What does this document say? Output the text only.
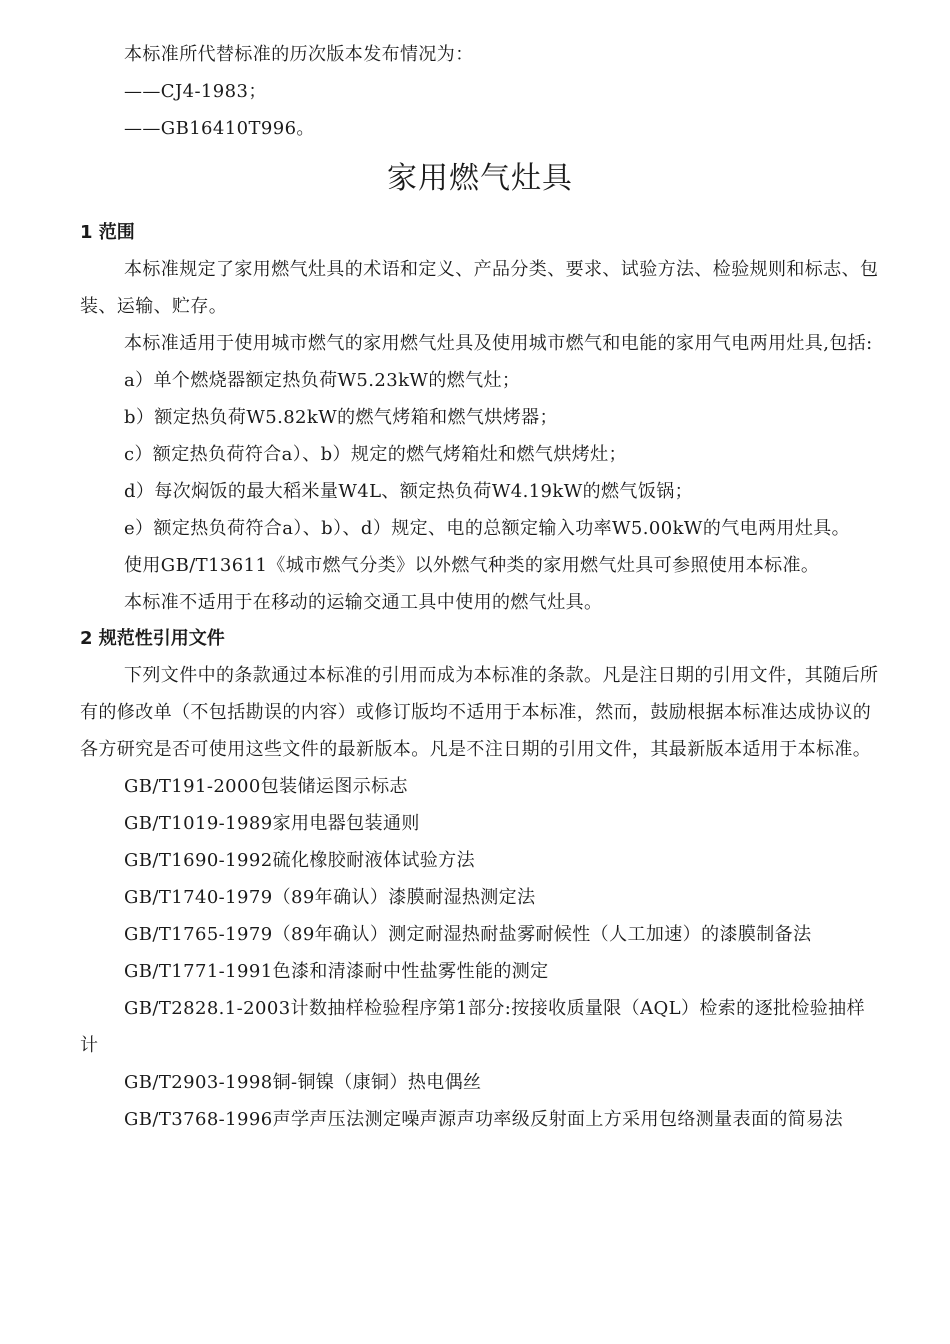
本标准所代替标准的历次版本发布情况为：

——CJ4-1983；

——GB16410T996。

家用燃气灶具
1 范围

本标准规定了家用燃气灶具的术语和定义、产品分类、要求、试验方法、检验规则和标志、包装、运输、贮存。

本标准适用于使用城市燃气的家用燃气灶具及使用城市燃气和电能的家用气电两用灶具,包括:

a）单个燃烧器额定热负荷W5.23kW的燃气灶；

b）额定热负荷W5.82kW的燃气烤箱和燃气烘烤器；

c）额定热负荷符合a）、b）规定的燃气烤箱灶和燃气烘烤灶；

d）每次焖饭的最大稻米量W4L、额定热负荷W4.19kW的燃气饭锅；

e）额定热负荷符合a）、b）、d）规定、电的总额定输入功率W5.00kW的气电两用灶具。

使用GB/T13611《城市燃气分类》以外燃气种类的家用燃气灶具可参照使用本标准。

本标准不适用于在移动的运输交通工具中使用的燃气灶具。

2 规范性引用文件

下列文件中的条款通过本标准的引用而成为本标准的条款。凡是注日期的引用文件，其随后所有的修改单（不包括勘误的内容）或修订版均不适用于本标准，然而，鼓励根据本标准达成协议的各方研究是否可使用这些文件的最新版本。凡是不注日期的引用文件，其最新版本适用于本标准。

GB/T191-2000包装储运图示标志

GB/T1019-1989家用电器包装通则

GB/T1690-1992硫化橡胶耐液体试验方法

GB/T1740-1979（89年确认）漆膜耐湿热测定法

GB/T1765-1979（89年确认）测定耐湿热耐盐雾耐候性（人工加速）的漆膜制备法

GB/T1771-1991色漆和清漆耐中性盐雾性能的测定

GB/T2828.1-2003计数抽样检验程序第1部分:按接收质量限（AQL）检索的逐批检验抽样计

GB/T2903-1998铜-铜镍（康铜）热电偶丝

GB/T3768-1996声学声压法测定噪声源声功率级反射面上方采用包络测量表面的简易法
